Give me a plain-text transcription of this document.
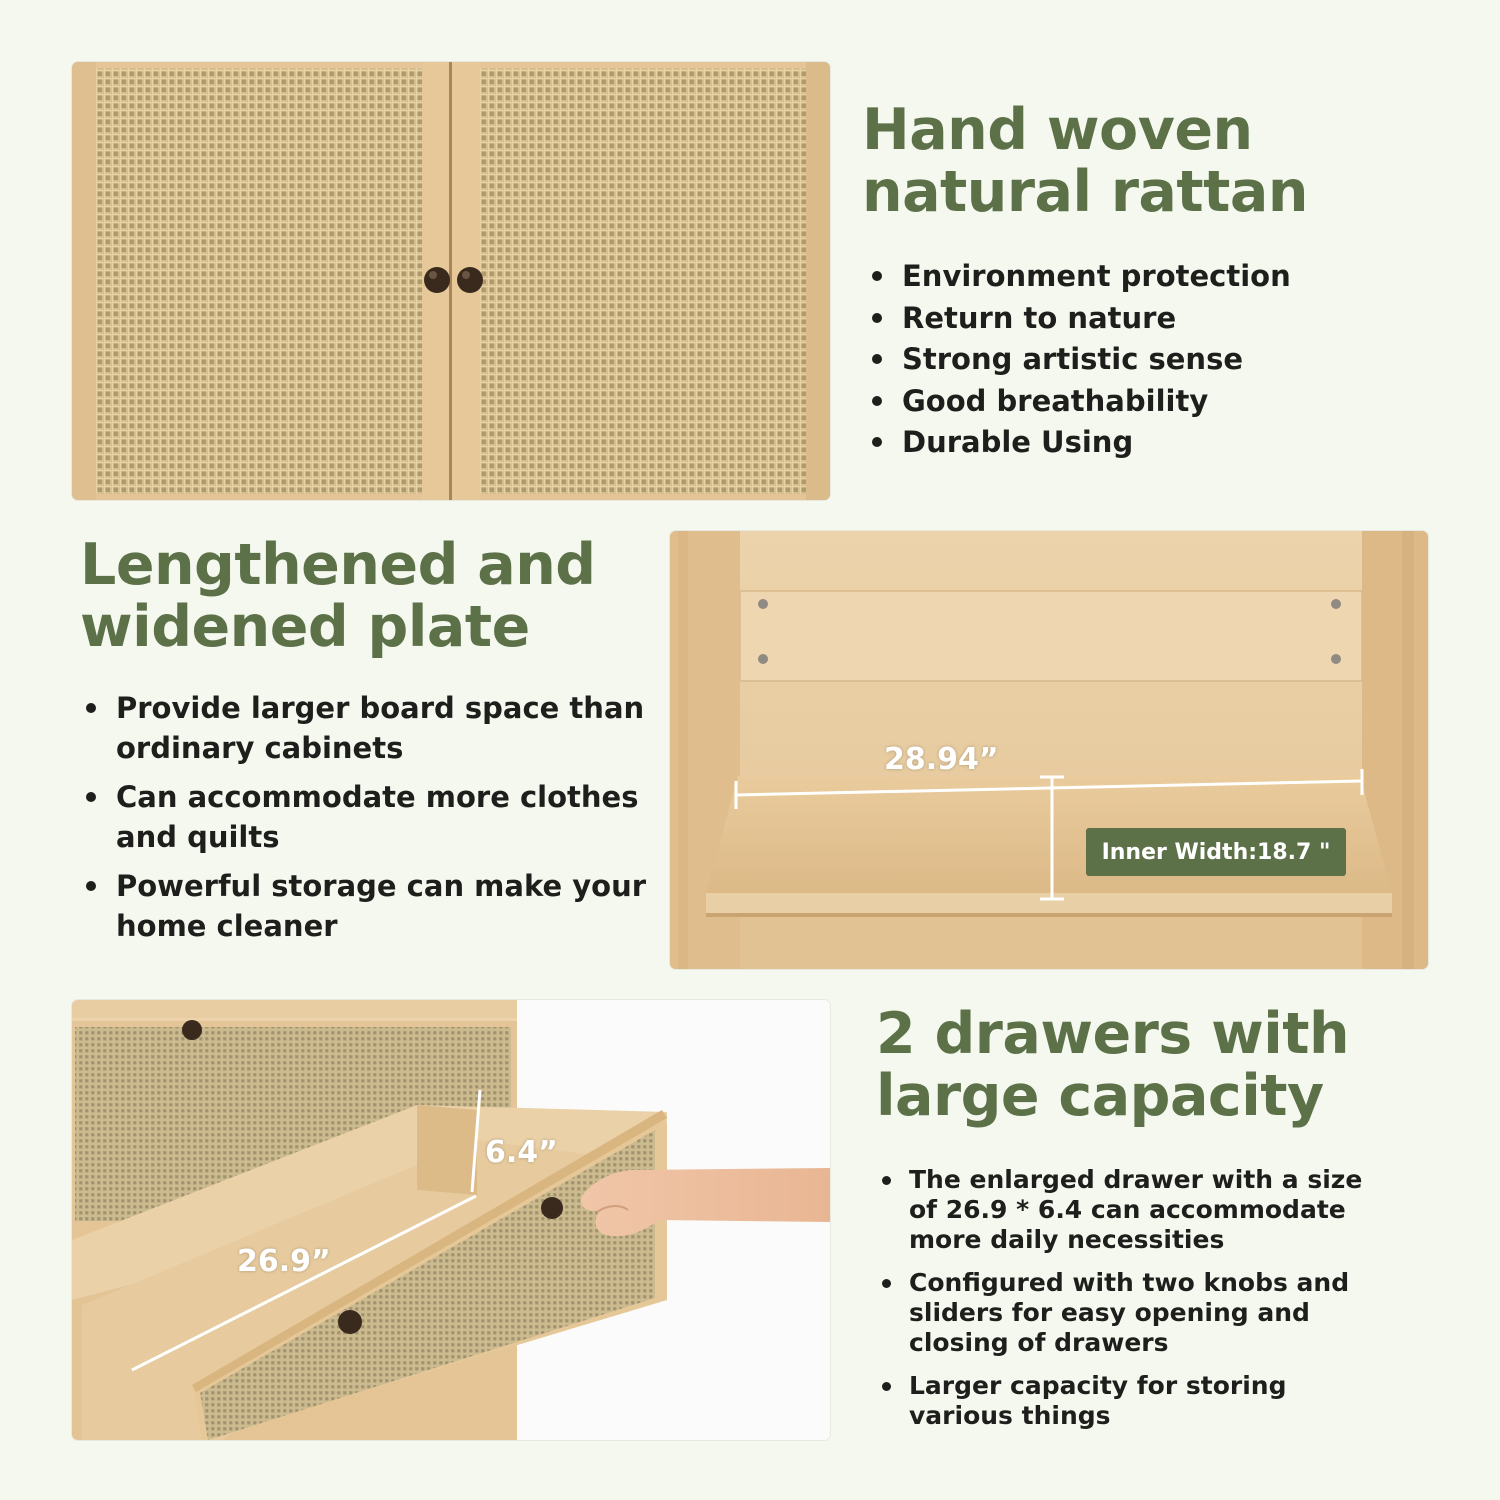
Hand woven
natural rattan
Environment protection
Return to nature
Strong artistic sense
Good breathability
Durable Using
Lengthened and
widened plate
Provide larger board space than ordinary cabinets
Can accommodate more clothes and quilts
Powerful storage can make your home cleaner
28.94”
Inner Width:18.7 "
6.4”
26.9”
2 drawers with
large capacity
The enlarged drawer with a size of 26.9 * 6.4 can accommodate more daily necessities
Configured with two knobs and sliders for easy opening and closing of drawers
Larger capacity for storing various things
